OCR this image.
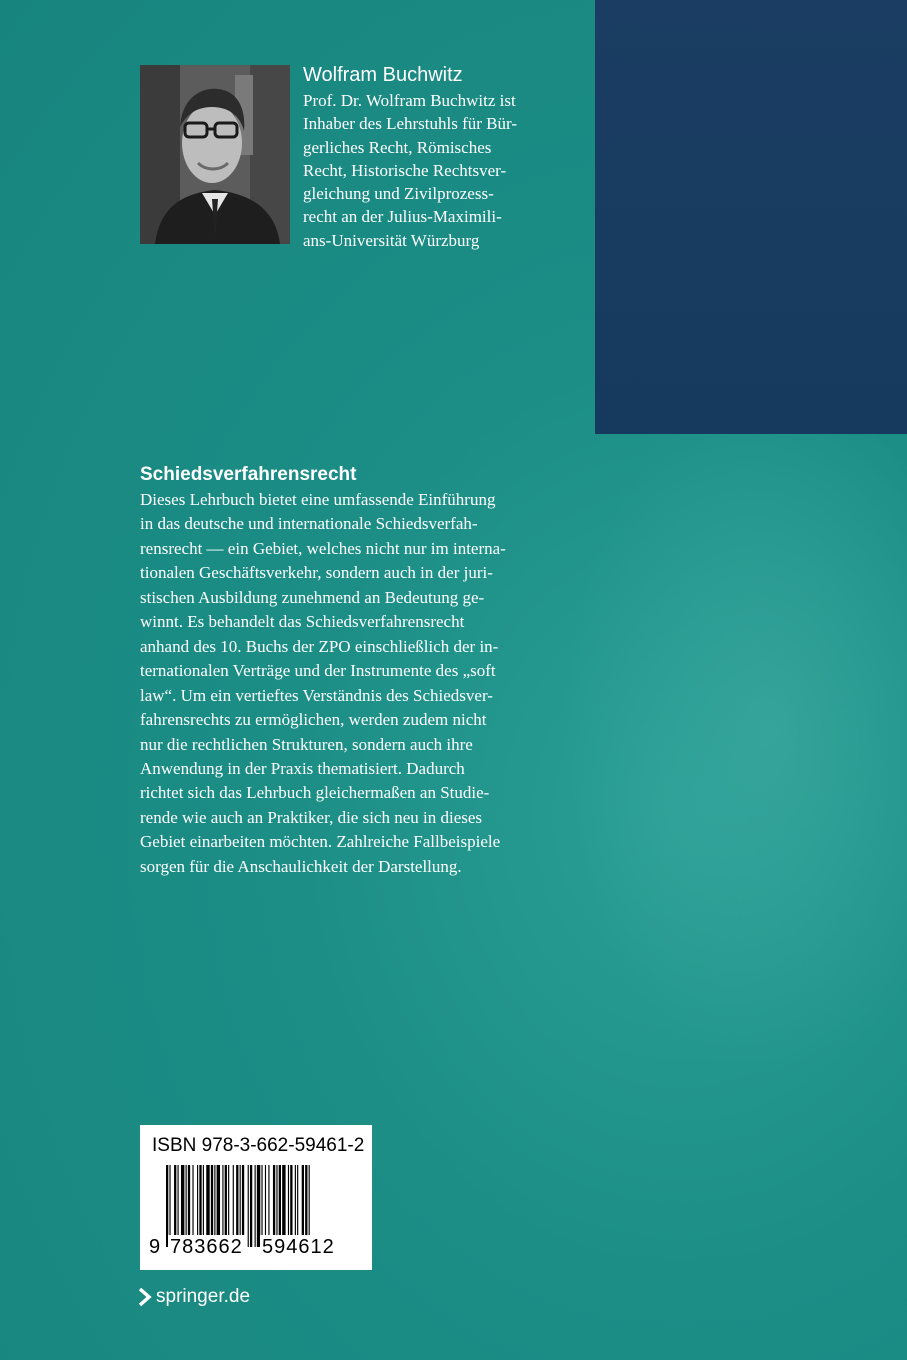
Wolfram Buchwitz

Prof. Dr. Wolfram Buchwitz ist
Inhaber des Lehrstuhls für Bür-
gerliches Recht, Römisches
Recht, Historische Rechtsver-
gleichung und Zivilprozess-
recht an der Julius-Maximili-
ans-Universität Würzburg

Schiedsverfahrensrecht

Dieses Lehrbuch bietet eine umfassende Einführung
in das deutsche und internationale Schiedsverfah-
rensrecht — ein Gebiet, welches nicht nur im interna-
tionalen Geschäftsverkehr, sondern auch in der juri-
stischen Ausbildung zunehmend an Bedeutung ge-
winnt. Es behandelt das Schiedsverfahrensrecht
anhand des 10. Buchs der ZPO einschließlich der in-
ternationalen Verträge und der Instrumente des „soft
law“. Um ein vertieftes Verständnis des Schiedsver-
fahrensrechts zu ermöglichen, werden zudem nicht
nur die rechtlichen Strukturen, sondern auch ihre
Anwendung in der Praxis thematisiert. Dadurch
richtet sich das Lehrbuch gleichermaßen an Studie-
rende wie auch an Praktiker, die sich neu in dieses
Gebiet einarbeiten möchten. Zahlreiche Fallbeispiele
sorgen für die Anschaulichkeit der Darstellung.
ISBN 978-3-662-59461-2
9 783662 594612
springer.de
